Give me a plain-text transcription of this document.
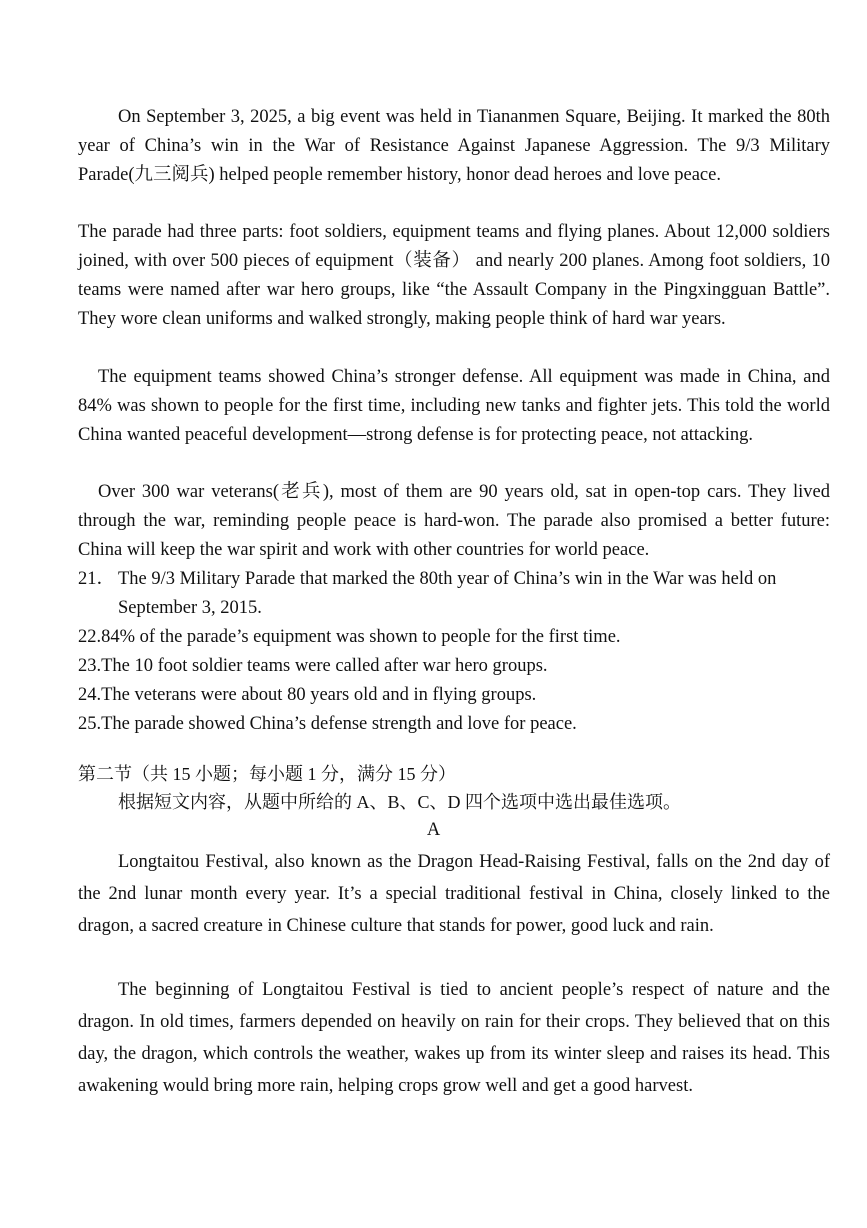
On September 3, 2025, a big event was held in Tiananmen Square, Beijing. It marked the 80th year of China’s win in the War of Resistance Against Japanese Aggression. The 9/3 Military Parade(九三阅兵) helped people remember history, honor dead heroes and love peace.

The parade had three parts: foot soldiers, equipment teams and flying planes. About 12,000 soldiers joined, with over 500 pieces of equipment（装备） and nearly 200 planes. Among foot soldiers, 10 teams were named after war hero groups, like “the Assault Company in the Pingxingguan Battle”. They wore clean uniforms and walked strongly, making people think of hard war years.

The equipment teams showed China’s stronger defense. All equipment was made in China, and 84% was shown to people for the first time, including new tanks and fighter jets. This told the world China wanted peaceful development—strong defense is for protecting peace, not attacking.

Over 300 war veterans(老兵), most of them are 90 years old, sat in open-top cars. They lived through the war, reminding people peace is hard-won. The parade also promised a better future: China will keep the war spirit and work with other countries for world peace.

21． The 9/3 Military Parade that marked the 80th year of China’s win in the War was held on
September 3, 2015.

22.84% of the parade’s equipment was shown to people for the first time.

23.The 10 foot soldier teams were called after war hero groups.

24.The veterans were about 80 years old and in flying groups.

25.The parade showed China’s defense strength and love for peace.

第二节（共 15 小题；每小题 1 分，满分 15 分）

根据短文内容，从题中所给的 A、B、C、D 四个选项中选出最佳选项。

A

Longtaitou Festival, also known as the Dragon Head-Raising Festival, falls on the 2nd day of the 2nd lunar month every year. It’s a special traditional festival in China, closely linked to the dragon, a sacred creature in Chinese culture that stands for power, good luck and rain.

The beginning of Longtaitou Festival is tied to ancient people’s respect of nature and the dragon. In old times, farmers depended on heavily on rain for their crops. They believed that on this day, the dragon, which controls the weather, wakes up from its winter sleep and raises its head. This awakening would bring more rain, helping crops grow well and get a good harvest.
